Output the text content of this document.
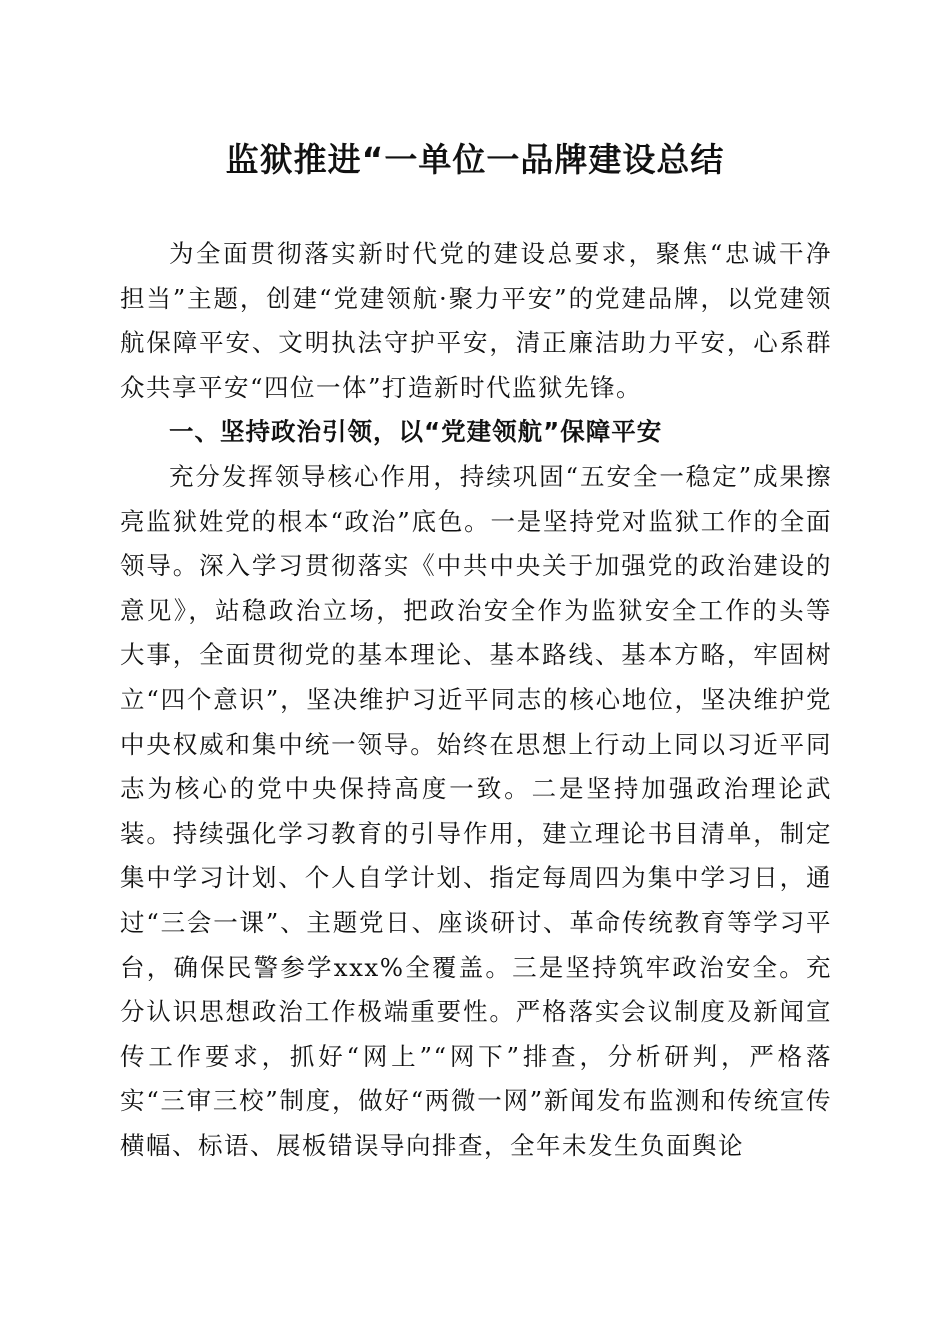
监狱推进“一单位一品牌建设总结

为全面贯彻落实新时代党的建设总要求，聚焦“忠诚干净担当”主题，创建“党建领航·聚力平安”的党建品牌，以党建领航保障平安、文明执法守护平安，清正廉洁助力平安，心系群众共享平安“四位一体”打造新时代监狱先锋。

一、坚持政治引领，以“党建领航”保障平安

充分发挥领导核心作用，持续巩固“五安全一稳定”成果擦亮监狱姓党的根本“政治”底色。一是坚持党对监狱工作的全面领导。深入学习贯彻落实《中共中央关于加强党的政治建设的意见》，站稳政治立场，把政治安全作为监狱安全工作的头等大事，全面贯彻党的基本理论、基本路线、基本方略，牢固树立“四个意识”，坚决维护习近平同志的核心地位，坚决维护党中央权威和集中统一领导。始终在思想上行动上同以习近平同志为核心的党中央保持高度一致。二是坚持加强政治理论武装。持续强化学习教育的引导作用，建立理论书目清单，制定集中学习计划、个人自学计划、指定每周四为集中学习日，通过“三会一课”、主题党日、座谈研讨、革命传统教育等学习平台，确保民警参学xxx%全覆盖。三是坚持筑牢政治安全。充分认识思想政治工作极端重要性。严格落实会议制度及新闻宣传工作要求，抓好“网上”“网下”排查，分析研判，严格落实“三审三校”制度，做好“两微一网”新闻发布监测和传统宣传横幅、标语、展板错误导向排查，全年未发生负面舆论
